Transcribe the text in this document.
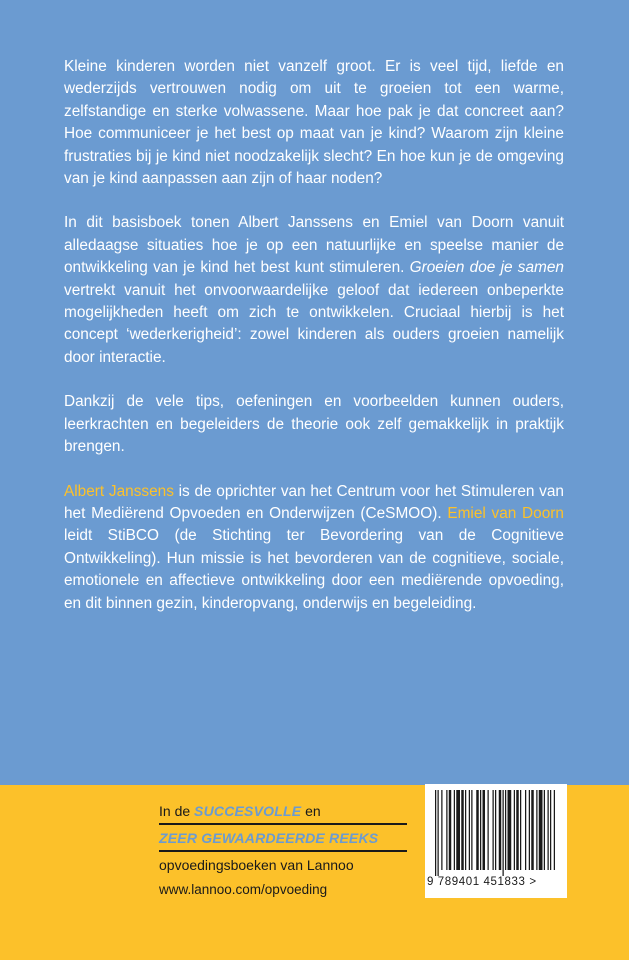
Kleine kinderen worden niet vanzelf groot. Er is veel tijd, liefde en wederzijds vertrouwen nodig om uit te groeien tot een warme, zelfstandige en sterke volwassene. Maar hoe pak je dat concreet aan? Hoe communiceer je het best op maat van je kind? Waarom zijn kleine frustraties bij je kind niet noodzakelijk slecht? En hoe kun je de omgeving van je kind aanpassen aan zijn of haar noden?

In dit basisboek tonen Albert Janssens en Emiel van Doorn vanuit alledaagse situaties hoe je op een natuurlijke en speelse manier de ontwikkeling van je kind het best kunt stimuleren. Groeien doe je samen vertrekt vanuit het onvoorwaardelijke geloof dat iedereen onbeperkte mogelijkheden heeft om zich te ontwikkelen. Cruciaal hierbij is het concept ‘wederkerigheid’: zowel kinderen als ouders groeien namelijk door interactie.

Dankzij de vele tips, oefeningen en voorbeelden kunnen ouders, leerkrachten en begeleiders de theorie ook zelf gemakkelijk in praktijk brengen.

Albert Janssens is de oprichter van het Centrum voor het Stimuleren van het Mediërend Opvoeden en Onderwijzen (CeSMOO). Emiel van Doorn leidt StiBCO (de Stichting ter Bevordering van de Cognitieve Ontwikkeling). Hun missie is het bevorderen van de cognitieve, sociale, emotionele en affectieve ontwikkeling door een mediërende opvoeding, en dit binnen gezin, kinderopvang, onderwijs en begeleiding.

In de SUCCESVOLLE en
ZEER GEWAARDEERDE REEKS
opvoedingsboeken van Lannoo
www.lannoo.com/opvoeding	9 789401 451833 >
